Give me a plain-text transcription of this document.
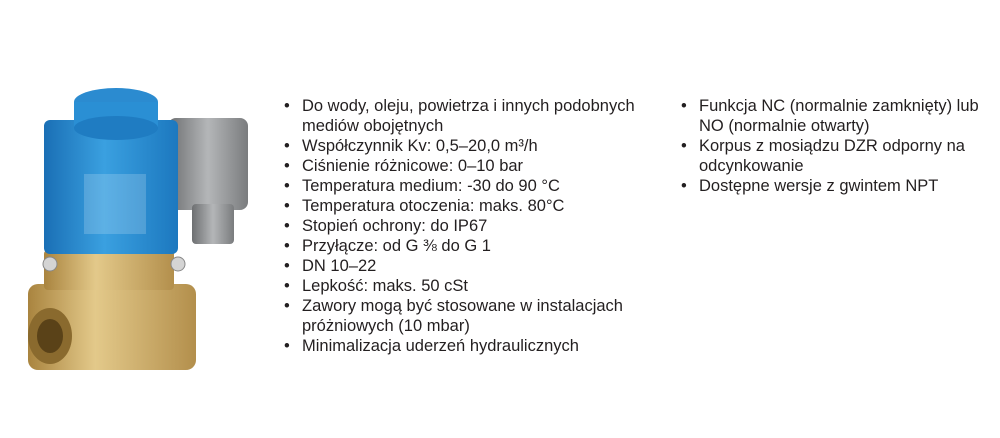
• Do wody, oleju, powietrza i innych podobnych mediów obojętnych
• Współczynnik Kv: 0,5–20,0 m³/h
• Ciśnienie różnicowe: 0–10 bar
• Temperatura medium: -30 do 90 °C
• Temperatura otoczenia: maks. 80°C
• Stopień ochrony: do IP67
• Przyłącze: od G ⅜ do G 1
• DN 10–22
• Lepkość: maks. 50 cSt
• Zawory mogą być stosowane w instalacjach próżniowych (10 mbar)
• Minimalizacja uderzeń hydraulicznych
• Funkcja NC (normalnie zamknięty) lub NO (normalnie otwarty)
• Korpus z mosiądzu DZR odporny na odcynkowanie
• Dostępne wersje z gwintem NPT
